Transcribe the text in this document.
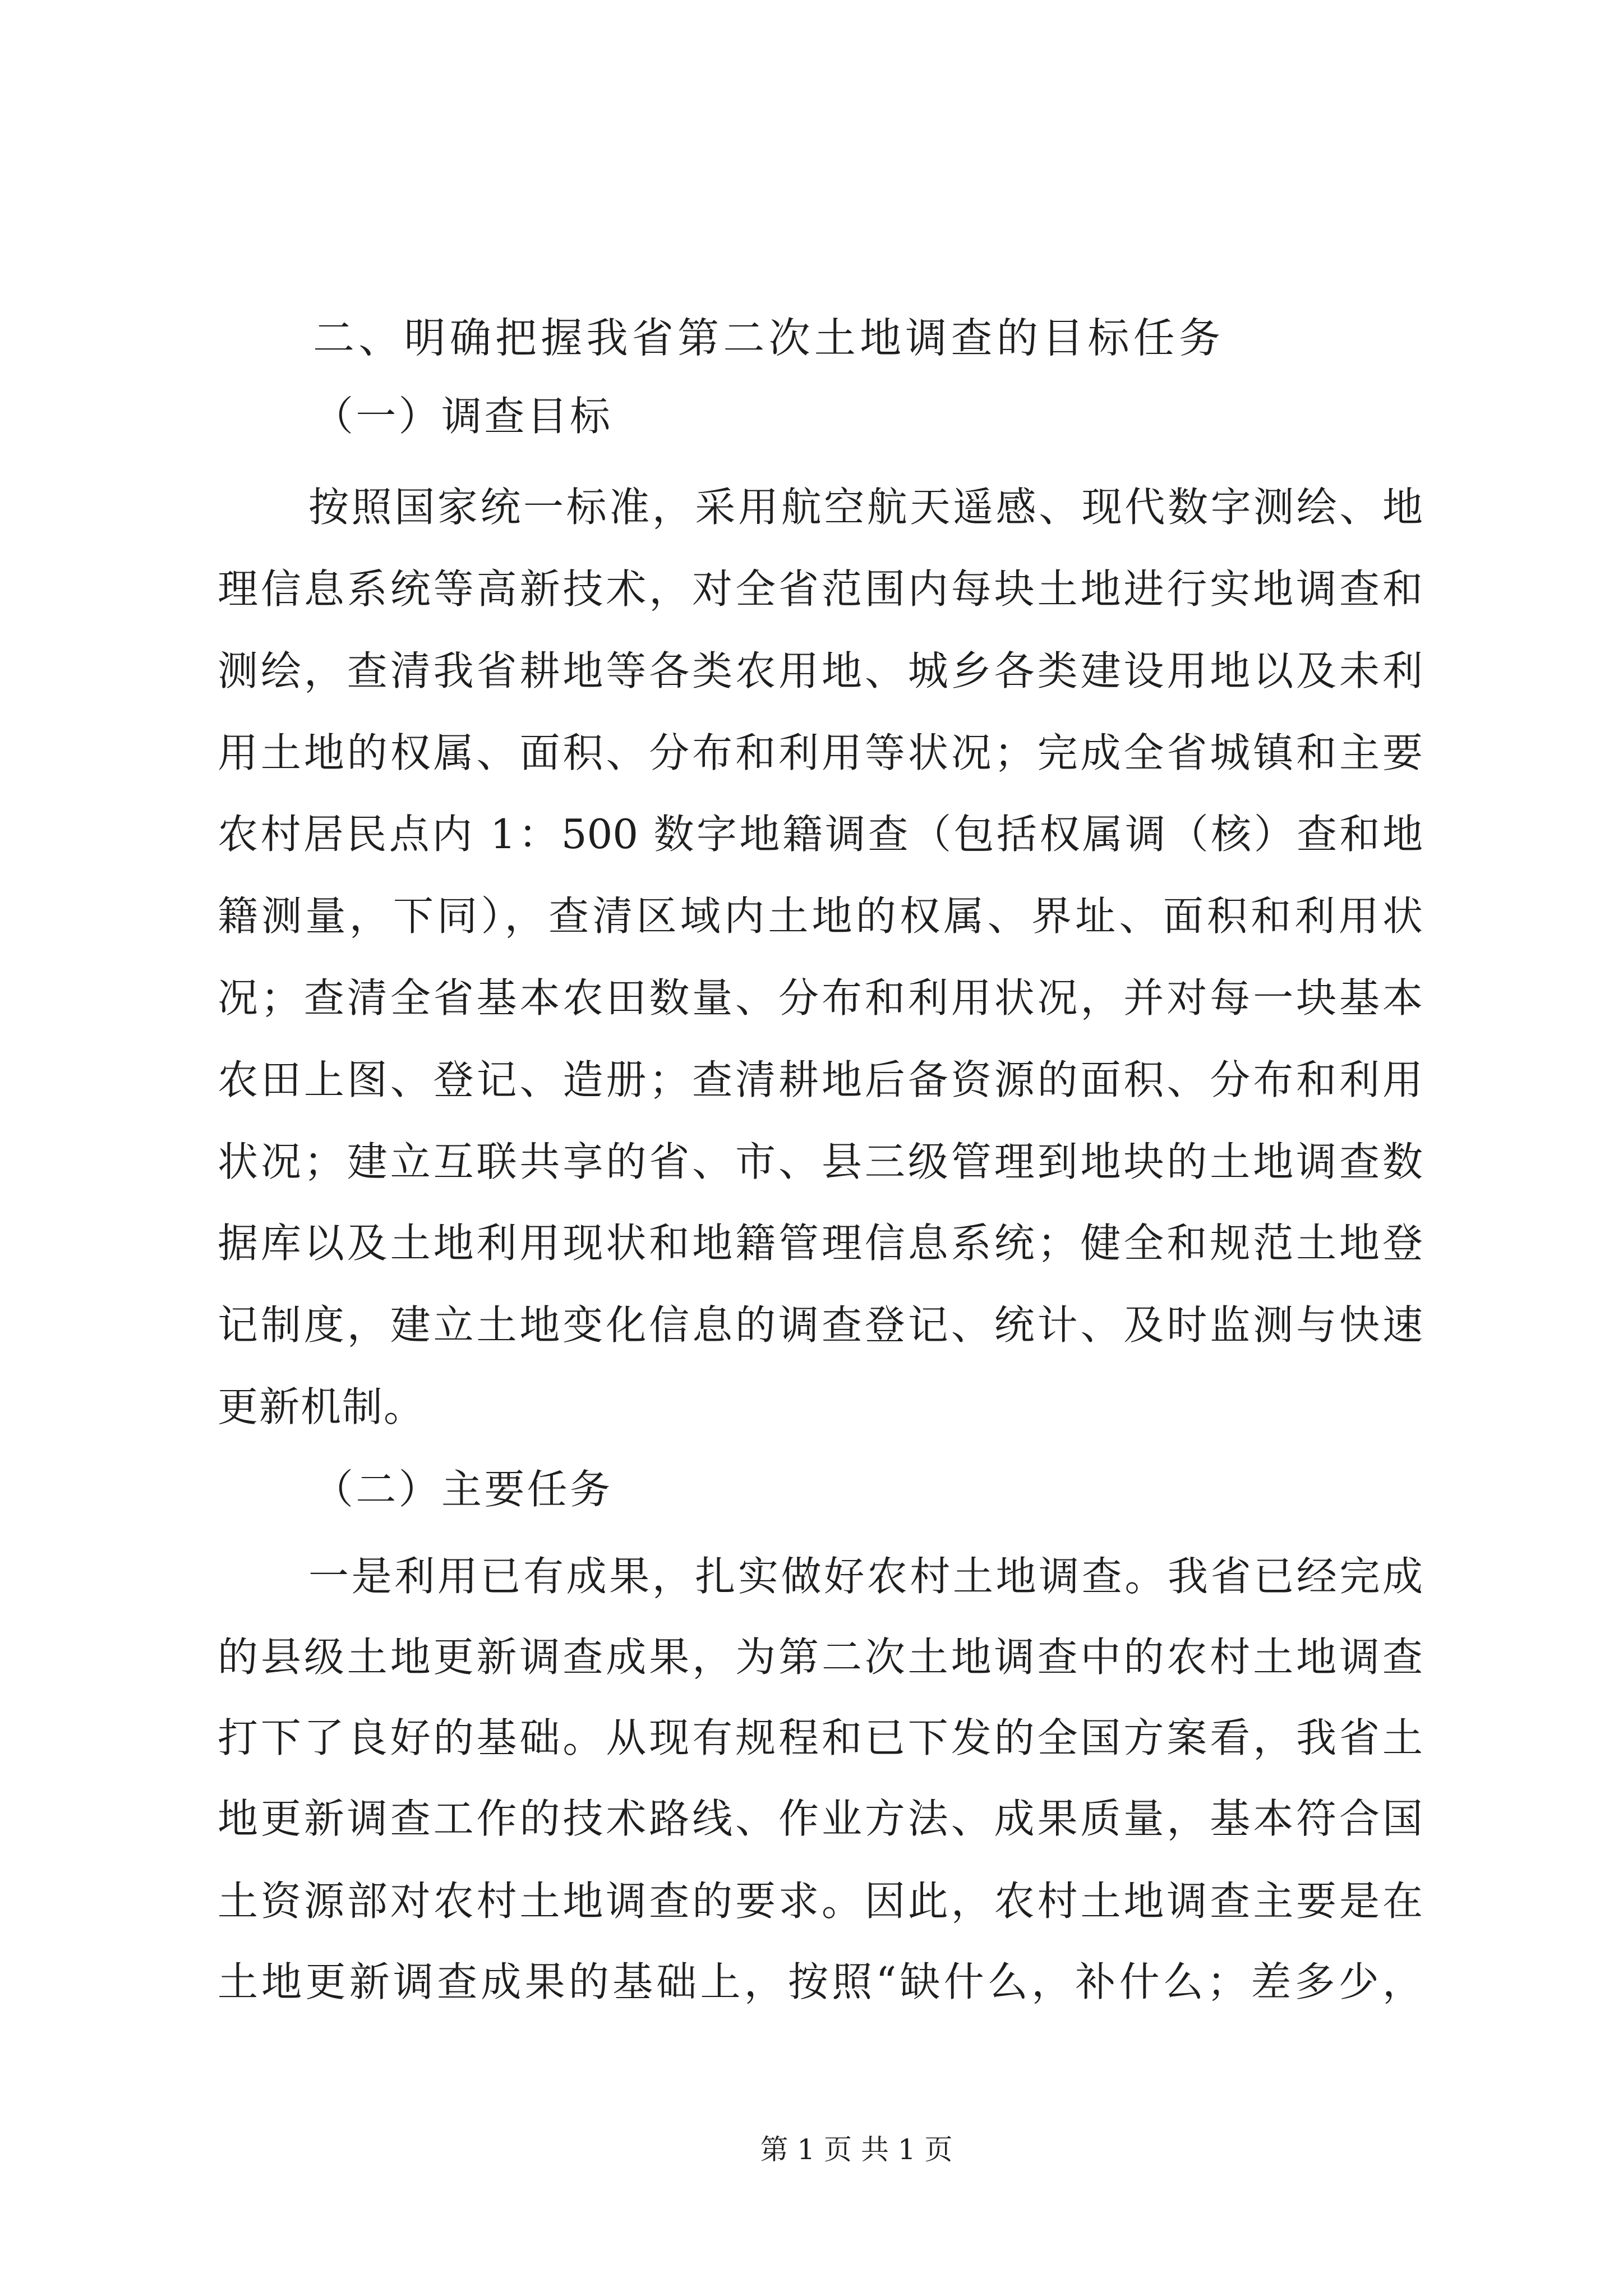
二、明确把握我省第二次土地调查的目标任务
（一）调查目标
按照国家统一标准，采用航空航天遥感、现代数字测绘、地
理信息系统等高新技术，对全省范围内每块土地进行实地调查和
测绘，查清我省耕地等各类农用地、城乡各类建设用地以及未利
用土地的权属、面积、分布和利用等状况；完成全省城镇和主要
农村居民点内 1：500 数字地籍调查（包括权属调（核）查和地
籍测量，下同），查清区域内土地的权属、界址、面积和利用状
况；查清全省基本农田数量、分布和利用状况，并对每一块基本
农田上图、登记、造册；查清耕地后备资源的面积、分布和利用
状况；建立互联共享的省、市、县三级管理到地块的土地调查数
据库以及土地利用现状和地籍管理信息系统；健全和规范土地登
记制度，建立土地变化信息的调查登记、统计、及时监测与快速
更新机制。
（二）主要任务
一是利用已有成果，扎实做好农村土地调查。我省已经完成
的县级土地更新调查成果，为第二次土地调查中的农村土地调查
打下了良好的基础。从现有规程和已下发的全国方案看，我省土
地更新调查工作的技术路线、作业方法、成果质量，基本符合国
土资源部对农村土地调查的要求。因此，农村土地调查主要是在
土地更新调查成果的基础上，按照“缺什么，补什么；差多少，
第 1 页 共 1 页
